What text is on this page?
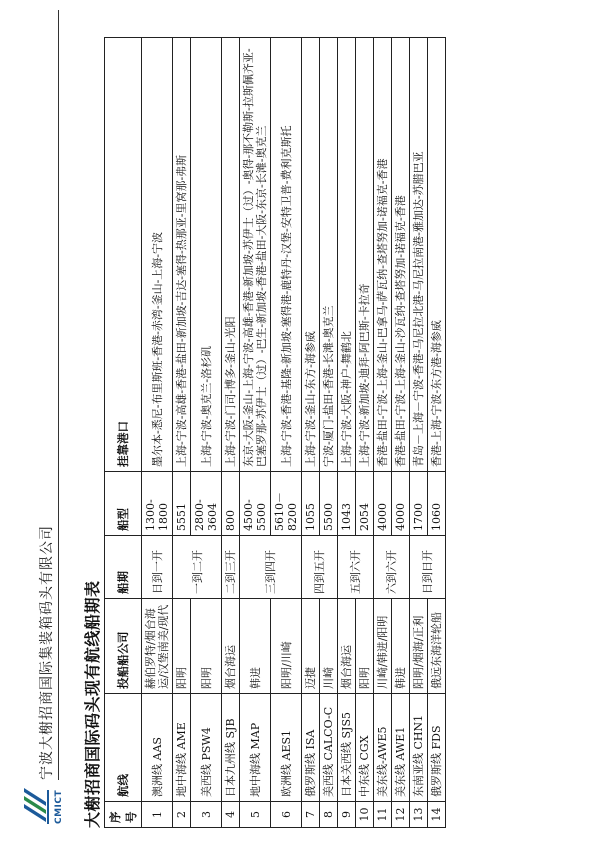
CMICT
宁波大榭招商国际集装箱码头有限公司 大榭招商国际码头现有航线船期表 序号	航线	投船船公司	船期	船型	挂靠港口
1	澳洲线 AAS	赫伯罗特/烟台海运/汉堡南美/现代	日到一开	1300-1800	墨尔本-悉尼-布里斯班-香港-赤湾-釜山-上海-宁波
2	地中海线 AME	阳明	一到二开	5551	上海-宁波-高雄-香港-盐田-新加坡-吉达-塞得-热那亚-里窝那-弗斯
3	美西线 PSW4	阳明		2800-3604	上海-宁波-奥克兰-洛杉矶
4	日本九州线 SJB	烟台海运	二到三开	800	上海-宁波-门司-博多-釜山-光阳
5	地中海线 MAP	韩进	三到四开	4500-5500	东京-大阪-釜山-上海-宁波-高雄-香港-新加坡-苏伊士（过）-奥得-那不勒斯-拉斯佩齐亚-巴塞罗那-苏伊士（过）-巴生-新加坡-香港-盐田-大阪-东京-长滩-奥克兰
6	欧洲线 AES1	阳明/川崎		5610－8200	上海-宁波-香港-基隆-新加坡-塞得港-鹿特丹-汉堡-安特卫普-费利克斯托
7	俄罗斯线 ISA	迈捷	四到五开	1055	上海-宁波-釜山-东方-海参威
8	美西线 CALCO-C	川崎		5500	宁波-厦门-盐田-香港-长滩-奥克兰
9	日本关西线 SJS5	烟台海运	五到六开	1043	上海-宁波-大阪-神户-舞鹤北
10	中东线 CGX	阳明		2054	上海-宁波-新加坡-迪拜-阿巴斯-卡拉奇
11	美东线-AWE5	川崎/韩进/阳明	六到六开	4000	香港-盐田-宁波-上海-釜山-巴拿马-萨瓦纳-查塔努加-诺福克-香港
12	美东线 AWE1	韩进		4000	香港-盐田-宁波-上海-釜山-沙瓦纳-查塔努加-诺福克-香港
13	东南亚线 CHN1	阳明/烟海/正利	日到日开	1700	青岛－上海－宁波-香港-马尼拉北港-马尼拉南港-雅加达-苏腊巴亚
14	俄罗斯线 FDS	俄远东海洋轮船		1060	香港-上海-宁波-东方港-海参威
